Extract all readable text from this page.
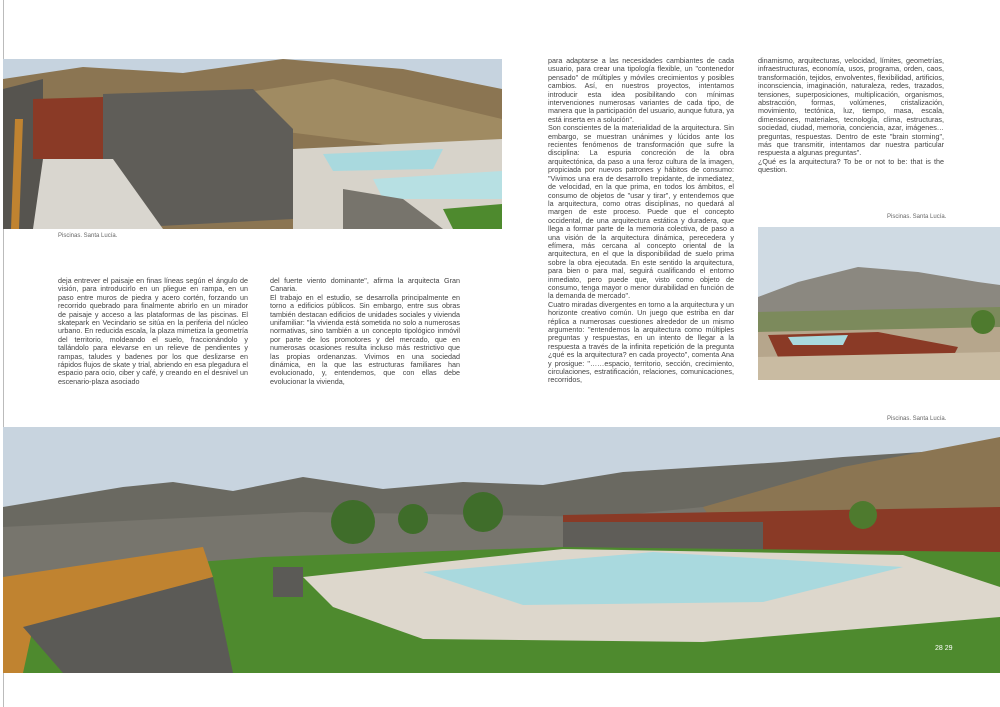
Piscinas. Santa Lucía.
Piscinas. Santa Lucía.
Piscinas. Santa Lucía.

dejа entrever el paisaje en finas líneas según el ángulo de visión, para introducirlo en un pliegue en rampa, en un paso entre muros de piedra y acero cortén, forzando un recorrido quebrado para finalmente abrirlo en un mirador de paisaje y acceso a las plataformas de las piscinas. El skatepark en Vecindario se sitúa en la periferia del núcleo urbano. En reducida escala, la plaza mimetiza la geometría del territorio, moldeando el suelo, fraccionándolo y tallándolo para elevarse en un relieve de pendientes y rampas, taludes y badenes por los que deslizarse en rápidos flujos de skate y trial, abriendo en esa plegadura el espacio para ocio, ciber y café, y creando en el desnivel un escenario-plaza asociado

del fuerte viento dominante", afirma la arquitecta Gran Canaria.

El trabajo en el estudio, se desarrolla principalmente en torno a edificios públicos. Sin embargo, entre sus obras también destacan edificios de unidades sociales y vivienda unifamiliar: "la vivienda está sometida no solo a numerosas normativas, sino también a un concepto tipológico inmóvil por parte de los promotores y del mercado, que en numerosas ocasiones resulta incluso más restrictivo que las propias ordenanzas. Vivimos en una sociedad dinámica, en la que las estructuras familiares han evolucionado, y, entendemos, que con ellas debe evolucionar la vivienda,

para adaptarse a las necesidades cambiantes de cada usuario, para crear una tipología flexible, un "contenedor pensado" de múltiples y móviles crecimientos y posibles cambios. Así, en nuestros proyectos, intentamos introducir esta idea posibilitando con mínimas intervenciones numerosas variantes de cada tipo, de manera que la participación del usuario, aunque futura, ya está inserta en a solución".

Son conscientes de la materialidad de la arquitectura. Sin embargo, se muestran unánimes y lúcidos ante los recientes fenómenos de transformación que sufre la disciplina: La espuria concreción de la obra arquitectónica, da paso a una feroz cultura de la imagen, propiciada por nuevos patrones y hábitos de consumo: "Vivimos una era de desarrollo trepidante, de inmediatez, de velocidad, en la que prima, en todos los ámbitos, el consumo de objetos de "usar y tirar", y entendemos que la arquitectura, como otras disciplinas, no quedará al margen de este proceso. Puede que el concepto occidental, de una arquitectura estática y duradera, que llega a formar parte de la memoria colectiva, de paso a una visión de la arquitectura dinámica, perecedera y efímera, más cercana al concepto oriental de la arquitectura, en el que la disponibilidad de suelo prima sobre la obra ejecutada. En este sentido la arquitectura, para bien o para mal, seguirá cualificando el entorno inmediato, pero puede que, visto como objeto de consumo, tenga mayor o menor durabilidad en función de la demanda de mercado".

Cuatro miradas divergentes en torno a la arquitectura y un horizonte creativo común. Un juego que estriba en dar réplica a numerosas cuestiones alrededor de un mismo argumento: "entendemos la arquitectura como múltiples preguntas y respuestas, en un intento de llegar a la respuesta a través de la infinita repetición de la pregunta ¿qué es la arquitectura? en cada proyecto", comenta Ana y prosigue: "……espacio, territorio, sección, crecimiento, circulaciones, estratificación, relaciones, comunicaciones, recorridos,

dinamismo, arquitecturas, velocidad, límites, geometrías, infraestructuras, economía, usos, programa, orden, caos, transformación, tejidos, envolventes, flexibilidad, artificios, inconsciencia, imaginación, naturaleza, redes, trazados, tensiones, superposiciones, multiplicación, organismos, abstracción, formas, volúmenes, cristalización, movimiento, tectónica, luz, tiempo, masa, escala, dimensiones, materiales, tecnología, clima, estructuras, sociedad, ciudad, memoria, conciencia, azar, imágenes… preguntas, respuestas. Dentro de este "brain storming", más que transmitir, intentamos dar nuestra particular respuesta a algunas preguntas".

¿Qué es la arquitectura? To be or not to be: that is the question.

28 29
